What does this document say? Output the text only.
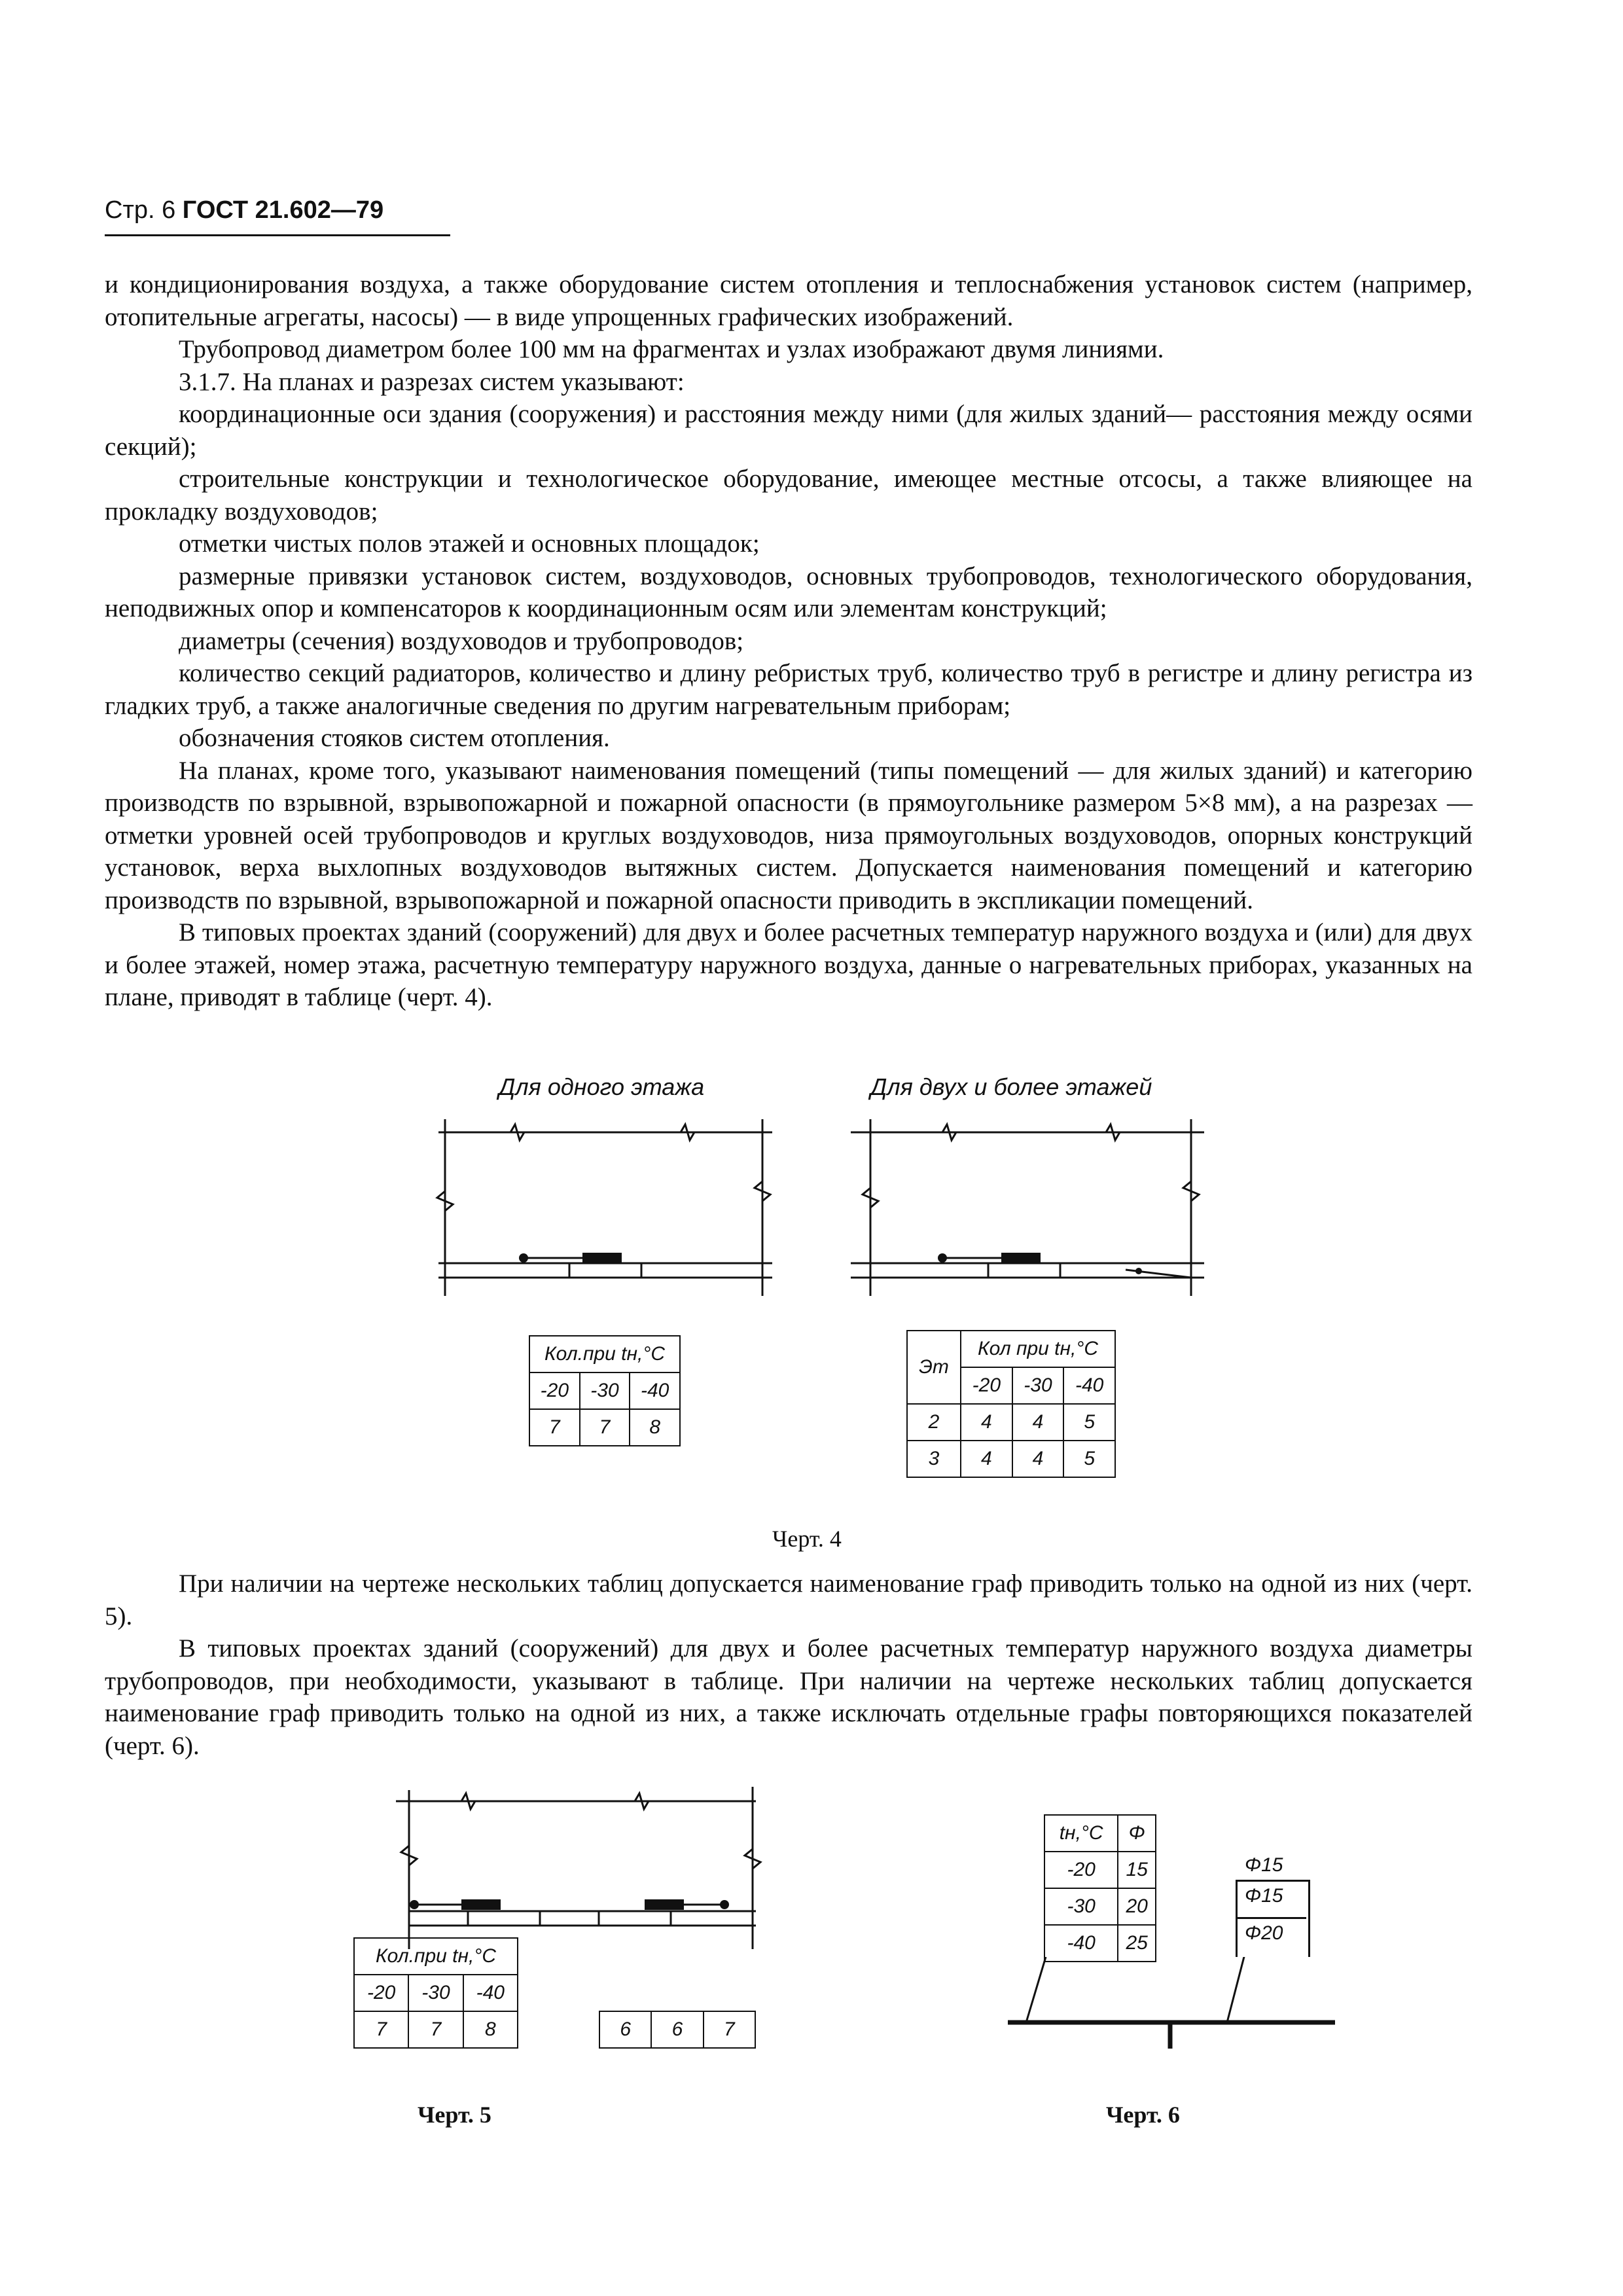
Стр. 6 ГОСТ 21.602—79

и кондиционирования воздуха, а также оборудование систем отопления и теплоснабжения установок систем (например, отопительные агрегаты, насосы) — в виде упрощенных графических изображений.

Трубопровод диаметром более 100 мм на фрагментах и узлах изображают двумя линиями.

3.1.7. На планах и разрезах систем указывают:

координационные оси здания (сооружения) и расстояния между ними (для жилых зданий— расстояния между осями секций);

строительные конструкции и технологическое оборудование, имеющее местные отсосы, а также влияющее на прокладку воздуховодов;

отметки чистых полов этажей и основных площадок;

размерные привязки установок систем, воздуховодов, основных трубопроводов, технологического оборудования, неподвижных опор и компенсаторов к координационным осям или элементам конструкций;

диаметры (сечения) воздуховодов и трубопроводов;

количество секций радиаторов, количество и длину ребристых труб, количество труб в регистре и длину регистра из гладких труб, а также аналогичные сведения по другим нагревательным приборам;

обозначения стояков систем отопления.

На планах, кроме того, указывают наименования помещений (типы помещений — для жилых зданий) и категорию производств по взрывной, взрывопожарной и пожарной опасности (в прямоугольнике размером 5×8 мм), а на разрезах — отметки уровней осей трубопроводов и круглых воздуховодов, низа прямоугольных воздуховодов, опорных конструкций установок, верха выхлопных воздуховодов вытяжных систем. Допускается наименования помещений и категорию производств по взрывной, взрывопожарной и пожарной опасности приводить в экспликации помещений.

В типовых проектах зданий (сооружений) для двух и более расчетных температур наружного воздуха и (или) для двух и более этажей, номер этажа, расчетную температуру наружного воздуха, данные о нагревательных приборах, указанных на плане, приводят в таблице (черт. 4).

Для одного этажа	Для двух и более этажей
Кол.при tн,°C		
-20	-30	-40
7	7	8
Эт	Кол при tн,°C		
	-20	-30	-40
2	4	4	5
3	4	4	5
Черт. 4

При наличии на чертеже нескольких таблиц допускается наименование граф приводить только на одной из них (черт. 5).

В типовых проектах зданий (сооружений) для двух и более расчетных температур наружного воздуха диаметры трубопроводов, при необходимости, указывают в таблице. При наличии на чертеже нескольких таблиц допускается наименование граф приводить только на одной из них, а также исключать отдельные графы повторяющихся показателей (черт. 6).

Кол.при tн,°C		
-20	-30	-40
7	7	8	6	6	7
Черт. 5
tн,°C	Φ
-20	15
-30	20
-40	25
Φ15
Φ15
Φ20
Черт. 6
